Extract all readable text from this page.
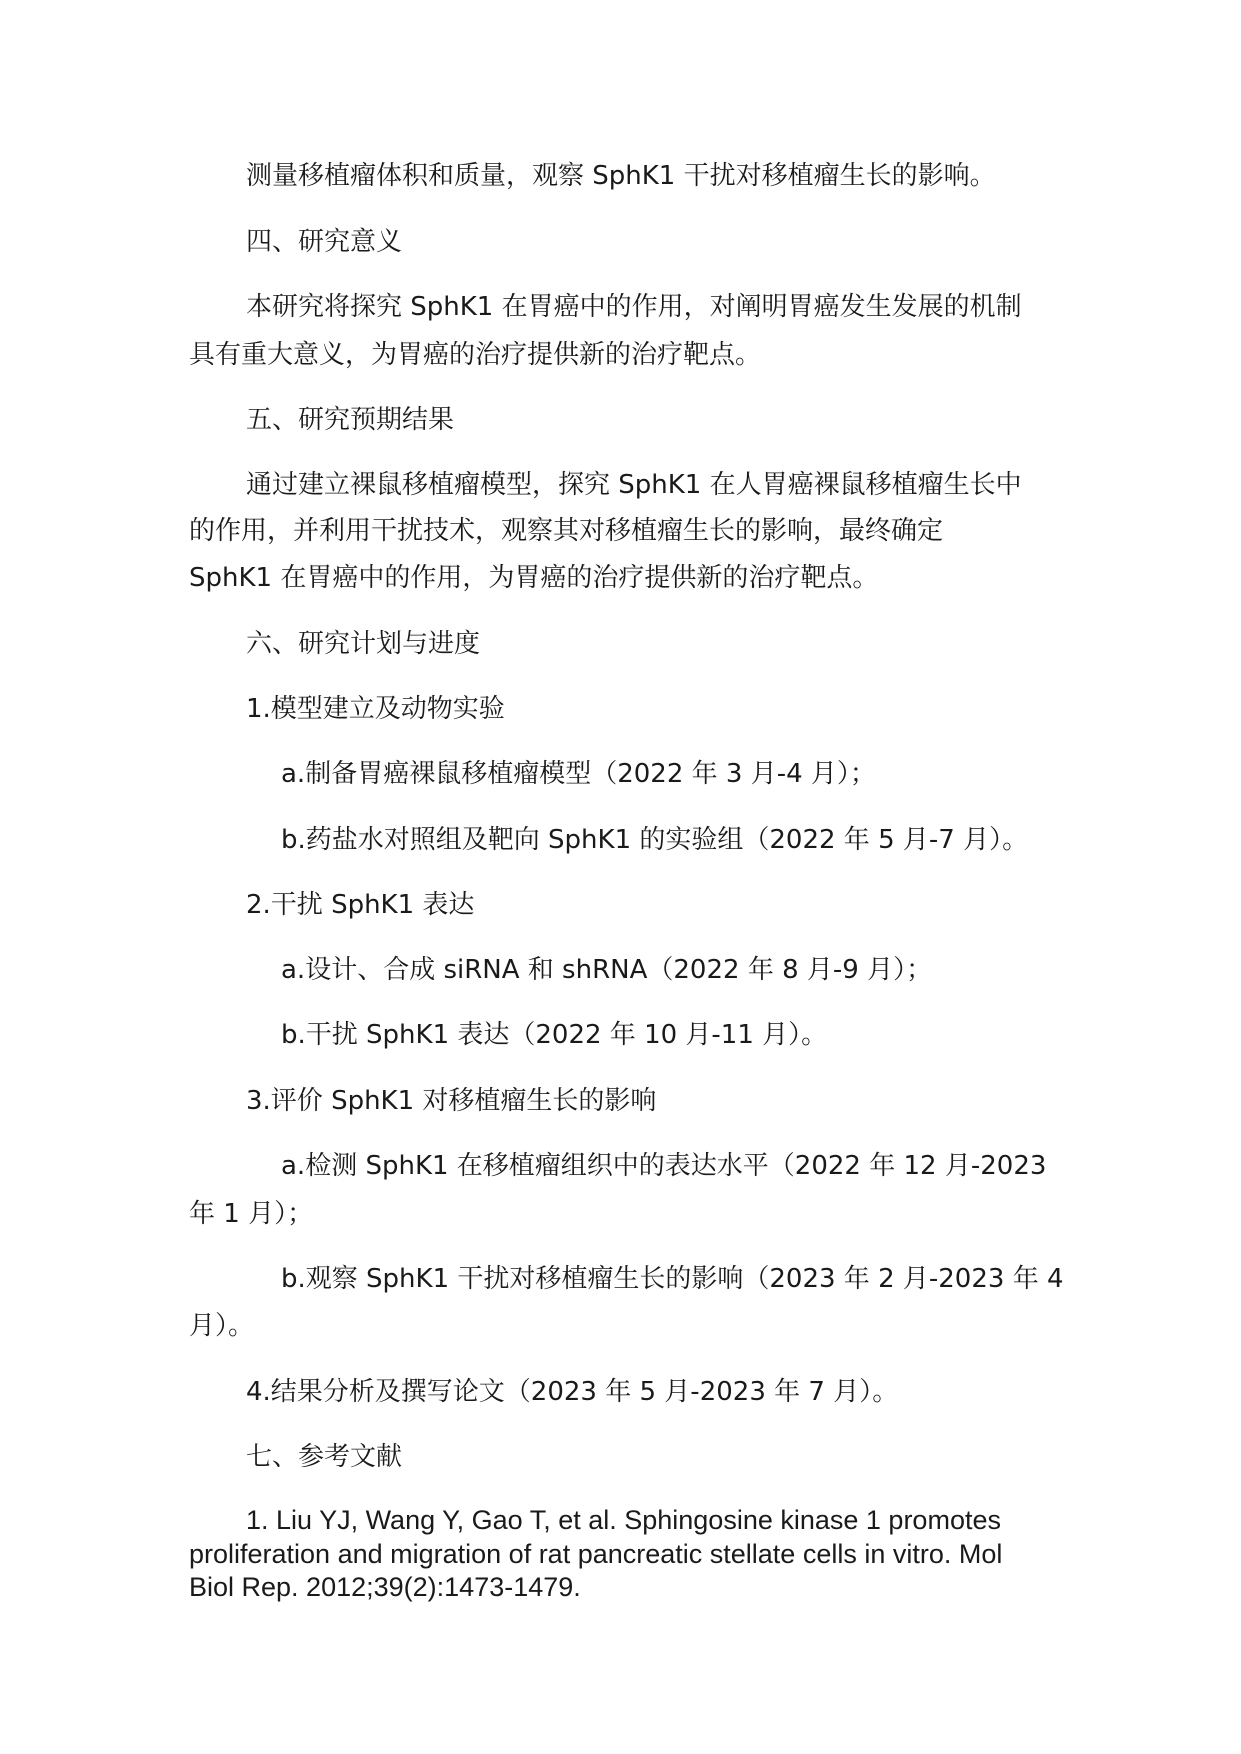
测量移植瘤体积和质量，观察 SphK1 干扰对移植瘤生长的影响。
四、研究意义
本研究将探究 SphK1 在胃癌中的作用，对阐明胃癌发生发展的机制
具有重大意义，为胃癌的治疗提供新的治疗靶点。
五、研究预期结果
通过建立裸鼠移植瘤模型，探究 SphK1 在人胃癌裸鼠移植瘤生长中
的作用，并利用干扰技术，观察其对移植瘤生长的影响，最终确定
SphK1 在胃癌中的作用，为胃癌的治疗提供新的治疗靶点。
六、研究计划与进度
1.模型建立及动物实验
a.制备胃癌裸鼠移植瘤模型（2022 年 3 月-4 月）；
b.药盐水对照组及靶向 SphK1 的实验组（2022 年 5 月-7 月）。
2.干扰 SphK1 表达
a.设计、合成 siRNA 和 shRNA（2022 年 8 月-9 月）；
b.干扰 SphK1 表达（2022 年 10 月-11 月）。
3.评价 SphK1 对移植瘤生长的影响
a.检测 SphK1 在移植瘤组织中的表达水平（2022 年 12 月-2023
年 1 月）；
b.观察 SphK1 干扰对移植瘤生长的影响（2023 年 2 月-2023 年 4
月）。
4.结果分析及撰写论文（2023 年 5 月-2023 年 7 月）。
七、参考文献
1. Liu YJ, Wang Y, Gao T, et al. Sphingosine kinase 1 promotes
proliferation and migration of rat pancreatic stellate cells in vitro. Mol
Biol Rep. 2012;39(2):1473-1479.
